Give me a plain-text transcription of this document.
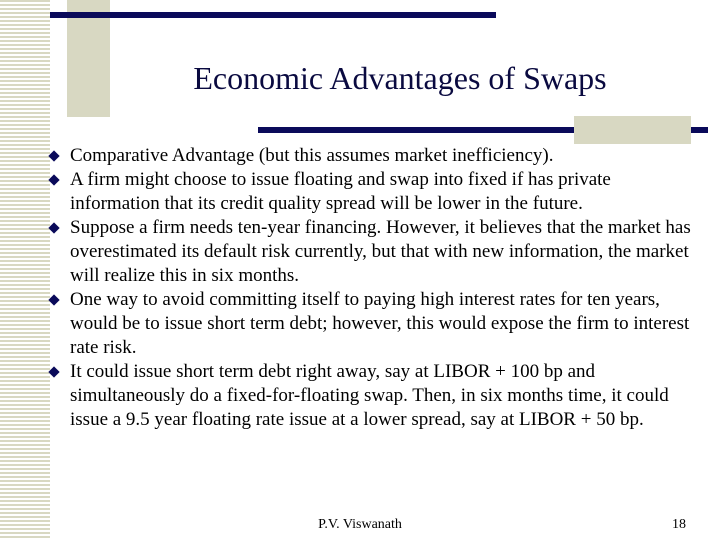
Economic Advantages of Swaps
Comparative Advantage (but this assumes market inefficiency).
A firm might choose to issue floating and swap into fixed if has private information that its credit quality spread will be lower in the future.
Suppose a firm needs ten-year financing. However, it believes that the market has overestimated its default risk currently, but that with new information, the market will realize this in six months.
One way to avoid committing itself to paying high interest rates for ten years, would be to issue short term debt; however, this would expose the firm to interest rate risk.
It could issue short term debt right away, say at LIBOR + 100 bp and simultaneously do a fixed-for-floating swap. Then, in six months time, it could issue a 9.5 year floating rate issue at a lower spread, say at LIBOR + 50 bp.
P.V. Viswanath	18
